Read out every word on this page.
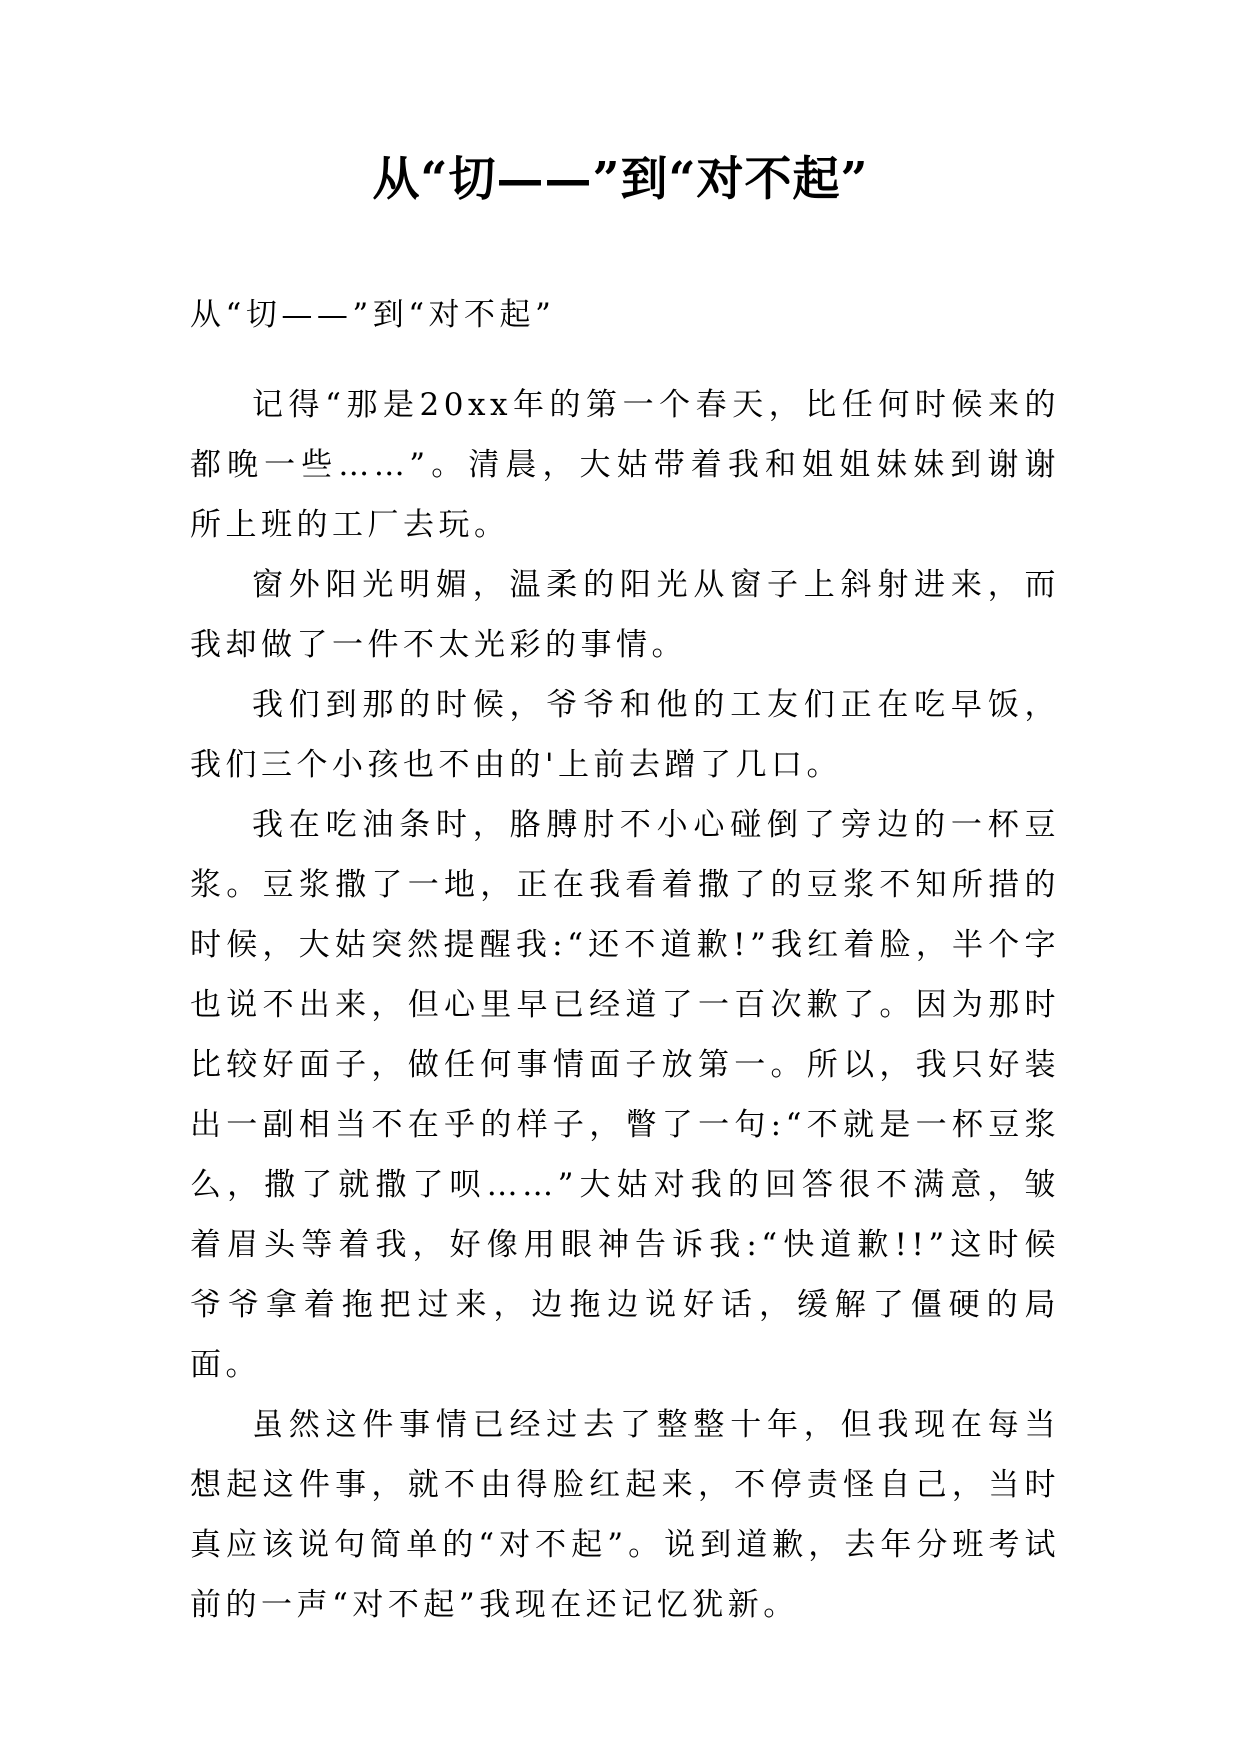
从“切——”到“对不起”

从“切——”到“对不起”

记得“那是20xx年的第一个春天，比任何时候来的都晚一些……”。清晨，大姑带着我和姐姐妹妹到谢谢所上班的工厂去玩。

窗外阳光明媚，温柔的阳光从窗子上斜射进来，而我却做了一件不太光彩的事情。

我们到那的时候，爷爷和他的工友们正在吃早饭，我们三个小孩也不由的'上前去蹭了几口。

我在吃油条时，胳膊肘不小心碰倒了旁边的一杯豆浆。豆浆撒了一地，正在我看着撒了的豆浆不知所措的时候，大姑突然提醒我:“还不道歉!”我红着脸，半个字也说不出来，但心里早已经道了一百次歉了。因为那时比较好面子，做任何事情面子放第一。所以，我只好装出一副相当不在乎的样子，瞥了一句:“不就是一杯豆浆么，撒了就撒了呗……”大姑对我的回答很不满意，皱着眉头等着我，好像用眼神告诉我:“快道歉!!”这时候爷爷拿着拖把过来，边拖边说好话，缓解了僵硬的局面。

虽然这件事情已经过去了整整十年，但我现在每当想起这件事，就不由得脸红起来，不停责怪自己，当时真应该说句简单的“对不起”。说到道歉，去年分班考试前的一声“对不起”我现在还记忆犹新。
